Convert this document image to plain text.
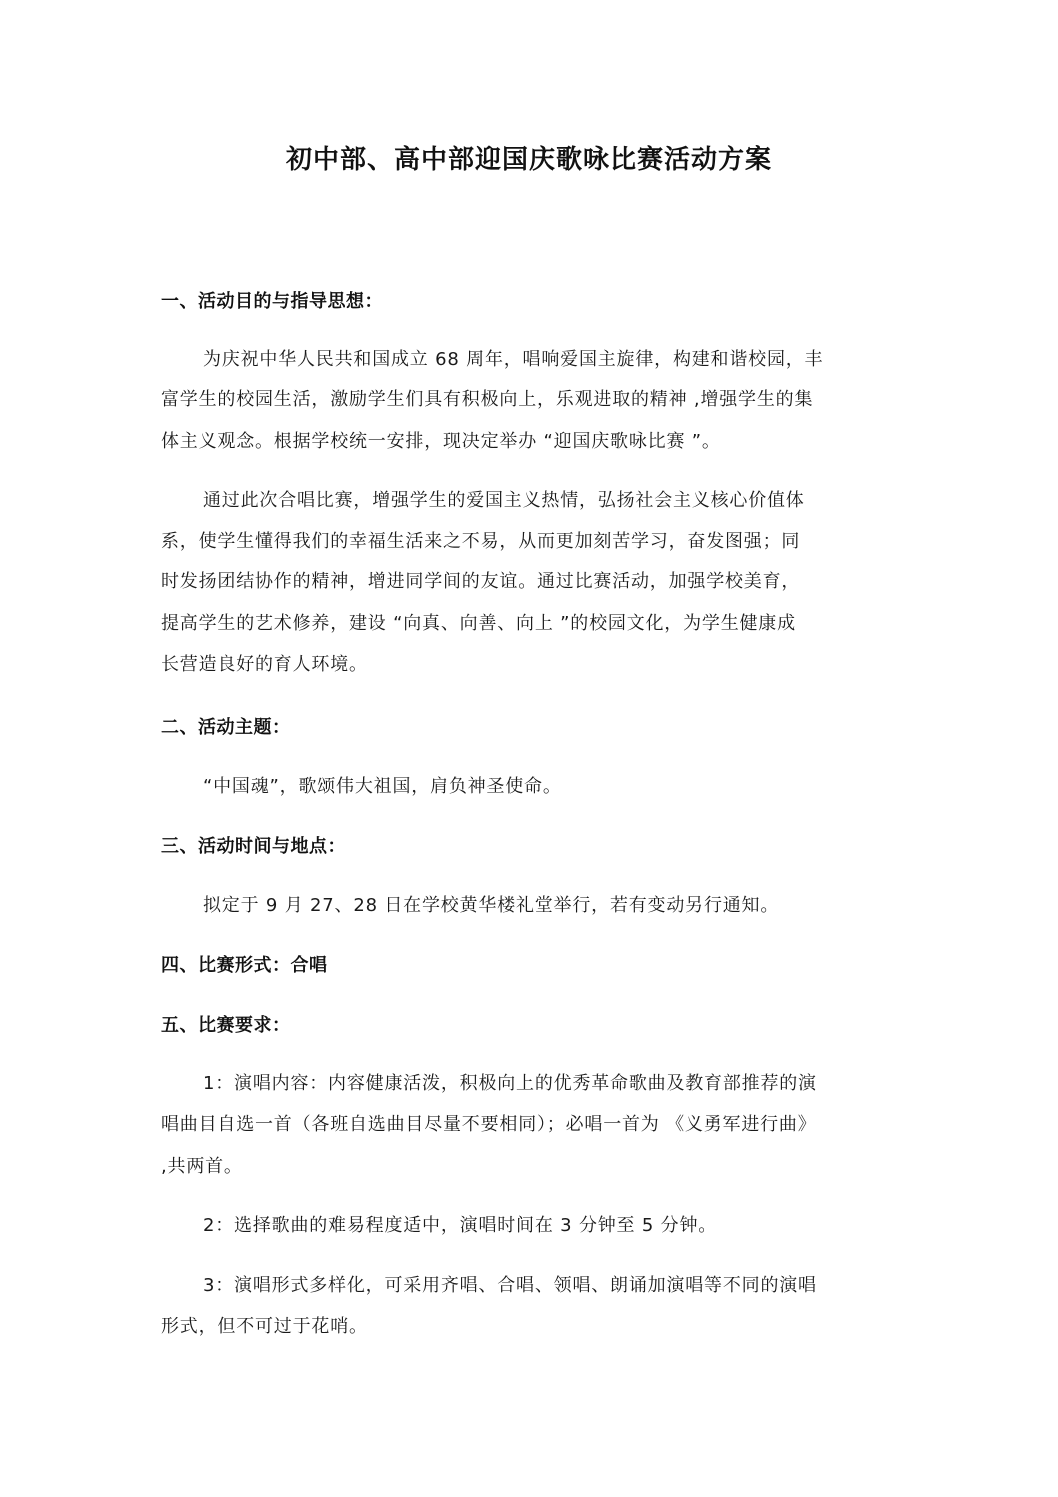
初中部、高中部迎国庆歌咏比赛活动方案
一、活动目的与指导思想：
为庆祝中华人民共和国成立 68 周年，唱响爱国主旋律，构建和谐校园，丰
富学生的校园生活，激励学生们具有积极向上，乐观进取的精神 ,增强学生的集
体主义观念。根据学校统一安排，现决定举办 “迎国庆歌咏比赛 ”。
通过此次合唱比赛，增强学生的爱国主义热情，弘扬社会主义核心价值体
系，使学生懂得我们的幸福生活来之不易，从而更加刻苦学习，奋发图强；同
时发扬团结协作的精神，增进同学间的友谊。通过比赛活动，加强学校美育，
提高学生的艺术修养，建设 “向真、向善、向上 ”的校园文化，为学生健康成
长营造良好的育人环境。
二、活动主题：
“中国魂”，歌颂伟大祖国，肩负神圣使命。
三、活动时间与地点：
拟定于 9 月 27、28 日在学校黄华楼礼堂举行，若有变动另行通知。
四、比赛形式：合唱
五、比赛要求：
1：演唱内容：内容健康活泼，积极向上的优秀革命歌曲及教育部推荐的演
唱曲目自选一首（各班自选曲目尽量不要相同）；必唱一首为 《义勇军进行曲》
,共两首。
2：选择歌曲的难易程度适中，演唱时间在 3 分钟至 5 分钟。
3：演唱形式多样化，可采用齐唱、合唱、领唱、朗诵加演唱等不同的演唱
形式，但不可过于花哨。
